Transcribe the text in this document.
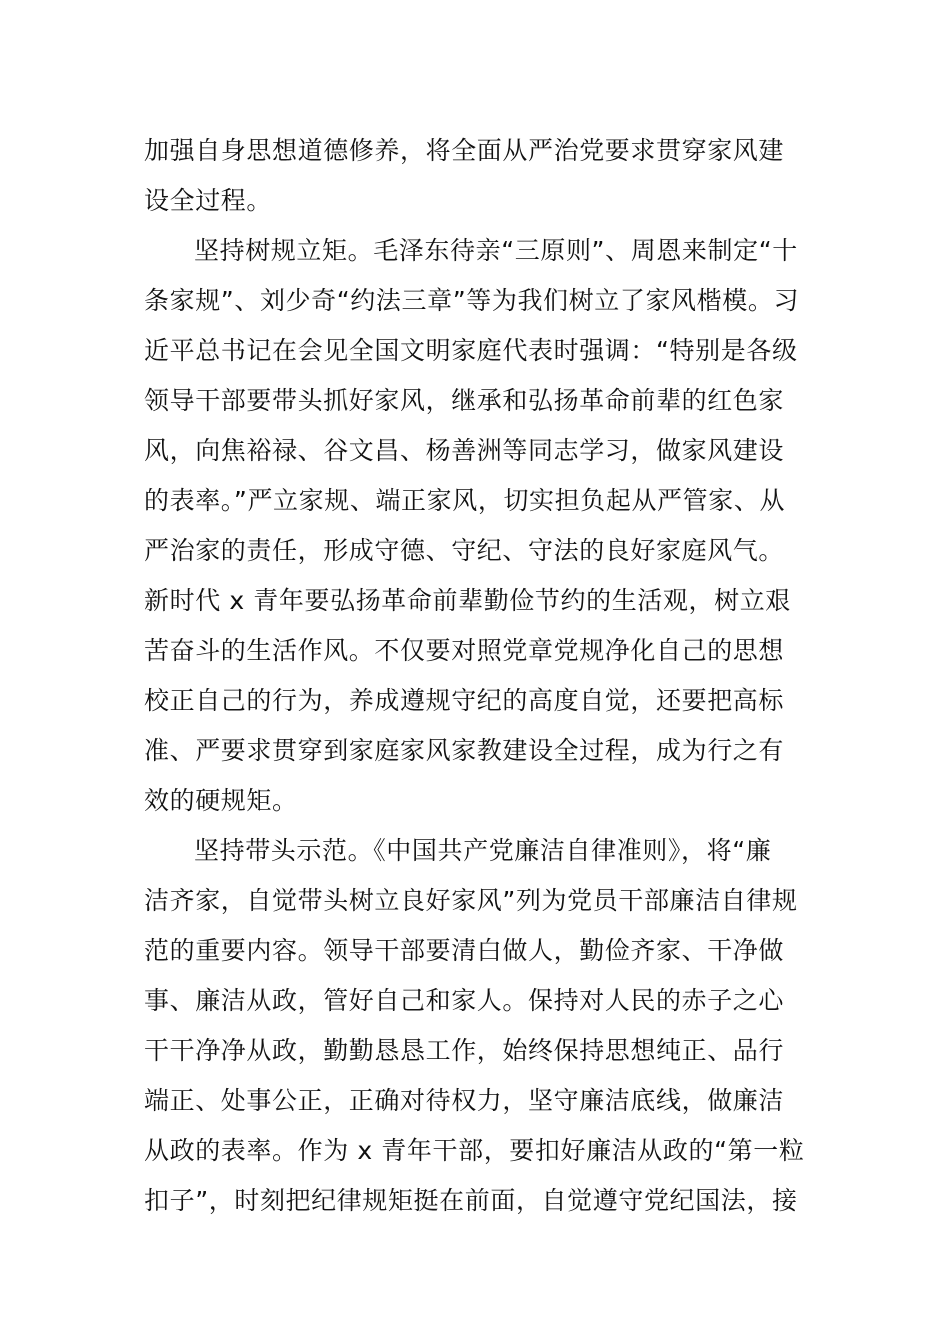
加强自身思想道德修养，将全面从严治党要求贯穿家风建
设全过程。
坚持树规立矩。毛泽东待亲“三原则”、周恩来制定“十
条家规”、刘少奇“约法三章”等为我们树立了家风楷模。习
近平总书记在会见全国文明家庭代表时强调：“特别是各级
领导干部要带头抓好家风，继承和弘扬革命前辈的红色家
风，向焦裕禄、谷文昌、杨善洲等同志学习，做家风建设
的表率。”严立家规、端正家风，切实担负起从严管家、从
严治家的责任，形成守德、守纪、守法的良好家庭风气。
新时代 x 青年要弘扬革命前辈勤俭节约的生活观，树立艰
苦奋斗的生活作风。不仅要对照党章党规净化自己的思想
校正自己的行为，养成遵规守纪的高度自觉，还要把高标
准、严要求贯穿到家庭家风家教建设全过程，成为行之有
效的硬规矩。
坚持带头示范。《中国共产党廉洁自律准则》，将“廉
洁齐家，自觉带头树立良好家风”列为党员干部廉洁自律规
范的重要内容。领导干部要清白做人，勤俭齐家、干净做
事、廉洁从政，管好自己和家人。保持对人民的赤子之心
干干净净从政，勤勤恳恳工作，始终保持思想纯正、品行
端正、处事公正，正确对待权力，坚守廉洁底线，做廉洁
从政的表率。作为 x 青年干部，要扣好廉洁从政的“第一粒
扣子”，时刻把纪律规矩挺在前面，自觉遵守党纪国法，接
